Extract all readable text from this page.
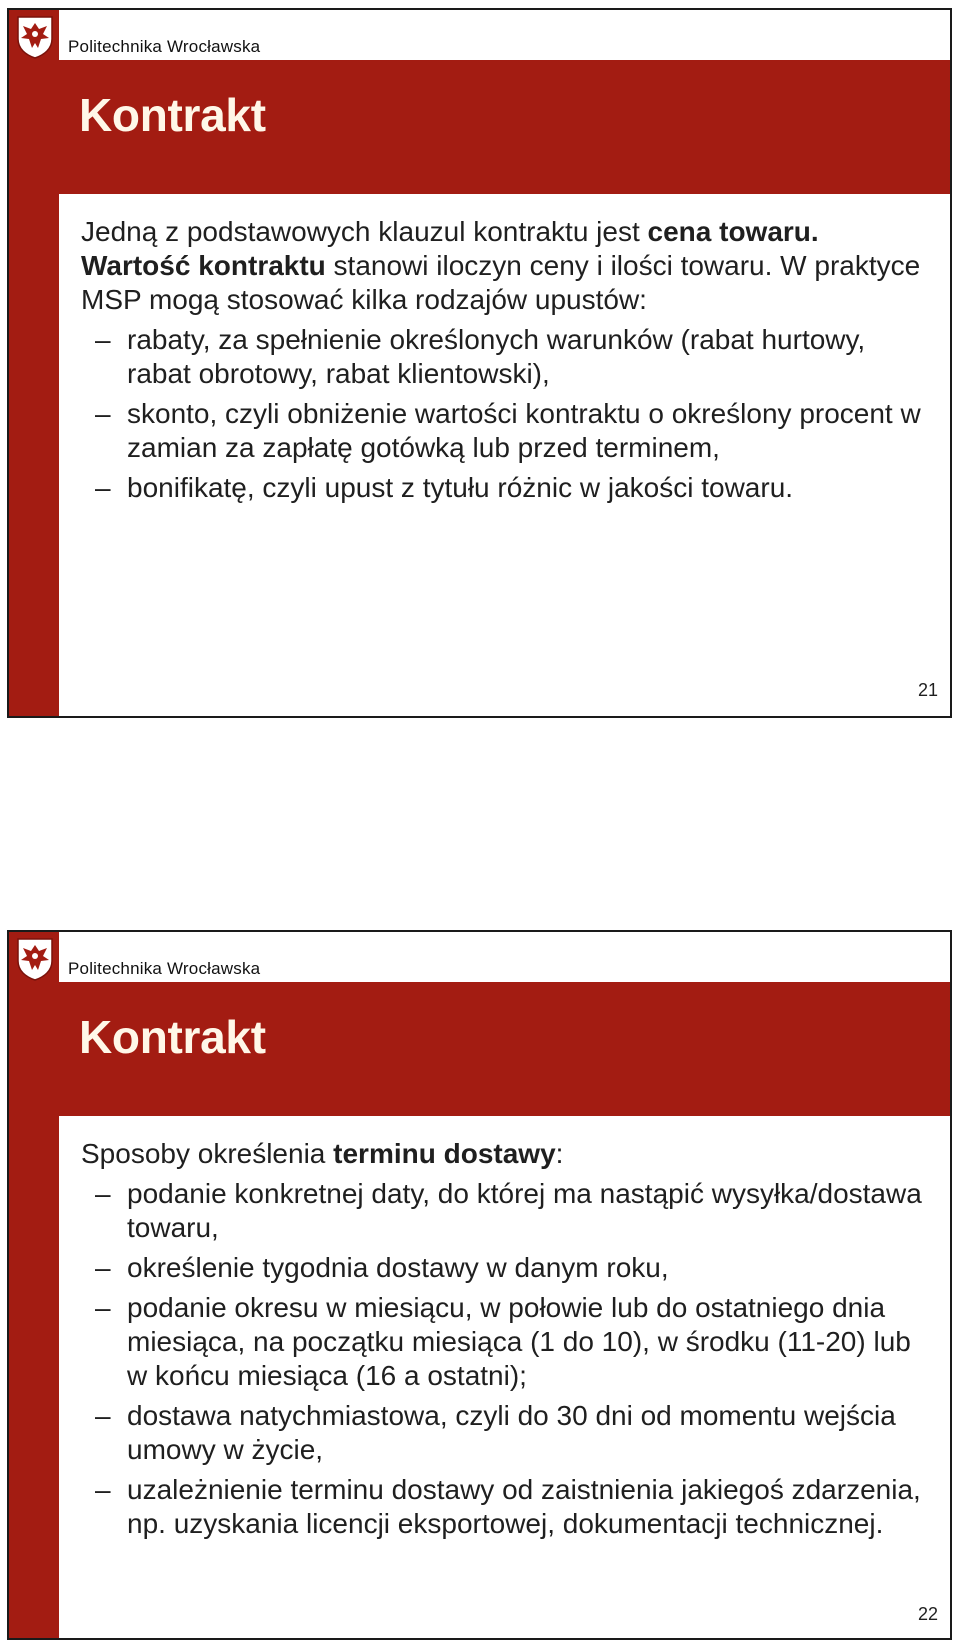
Politechnika Wrocławska
Kontrakt
Jedną z podstawowych klauzul kontraktu jest cena towaru. Wartość kontraktu stanowi iloczyn ceny i ilości towaru. W praktyce MSP mogą stosować kilka rodzajów upustów:
– rabaty, za spełnienie określonych warunków (rabat hurtowy, rabat obrotowy, rabat klientowski),
– skonto, czyli obniżenie wartości kontraktu o określony procent w zamian za zapłatę gotówką lub przed terminem,
– bonifikatę, czyli upust z tytułu różnic w jakości towaru.
21
Politechnika Wrocławska
Kontrakt
Sposoby określenia terminu dostawy:
– podanie konkretnej daty, do której ma nastąpić wysyłka/dostawa towaru,
– określenie tygodnia dostawy w danym roku,
– podanie okresu w miesiącu, w połowie lub do ostatniego dnia miesiąca, na początku miesiąca (1 do 10), w środku (11-20) lub w końcu miesiąca (16 a ostatni);
– dostawa natychmiastowa, czyli do 30 dni od momentu wejścia umowy w życie,
– uzależnienie terminu dostawy od zaistnienia jakiegoś zdarzenia, np. uzyskania licencji eksportowej, dokumentacji technicznej.
22
